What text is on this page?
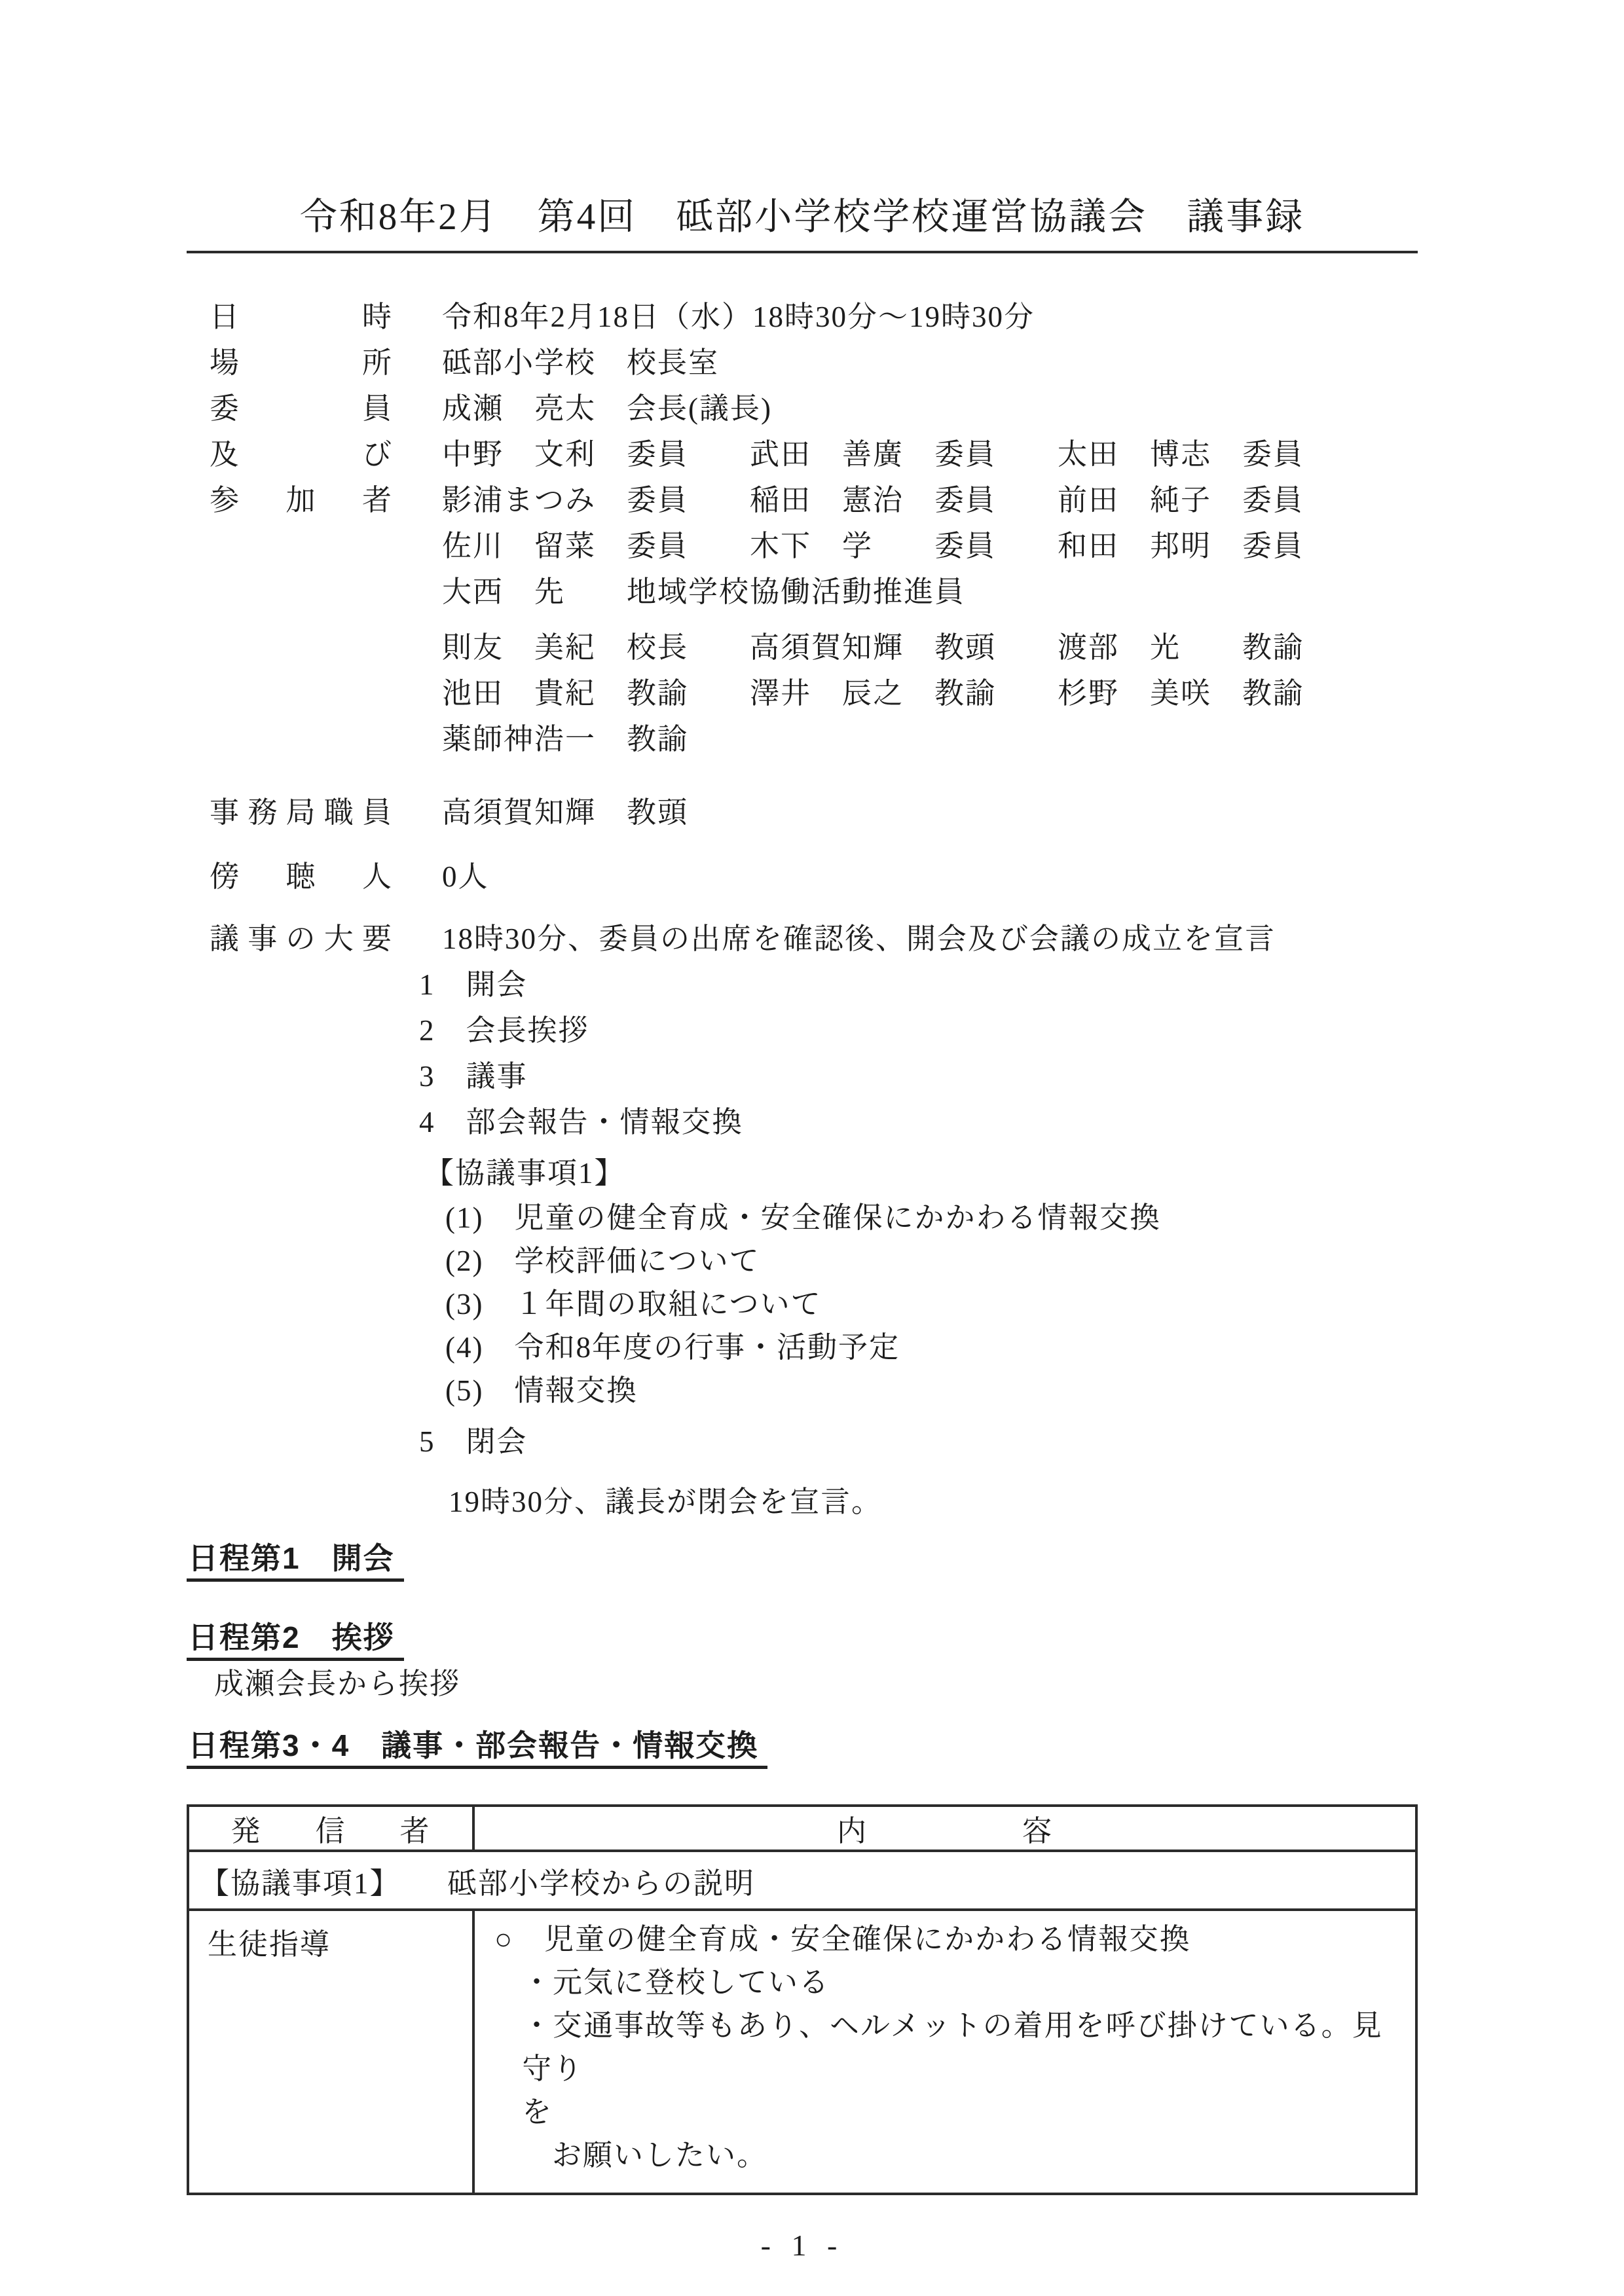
令和8年2月　第4回　砥部小学校学校運営協議会　議事録
日時 令和8年2月18日（水）18時30分～19時30分
場所 砥部小学校　校長室
委員 成瀬　亮太　会長(議長)
及び 中野　文利　委員　　武田　善廣　委員　　太田　博志　委員
参加者 影浦まつみ　委員　　稲田　憲治　委員　　前田　純子　委員
佐川　留菜　委員　　木下　学　　委員　　和田　邦明　委員
大西　先　　地域学校協働活動推進員
則友　美紀　校長　　高須賀知輝　教頭　　渡部　光　　教諭
池田　貴紀　教諭　　澤井　辰之　教諭　　杉野　美咲　教諭
薬師神浩一　教諭
事務局職員 高須賀知輝　教頭
傍聴人 0人
議事の大要 18時30分、委員の出席を確認後、開会及び会議の成立を宣言
1　開会
2　会長挨拶
3　議事
4　部会報告・情報交換
【協議事項1】
(1)　児童の健全育成・安全確保にかかわる情報交換
(2)　学校評価について
(3)　１年間の取組について
(4)　令和8年度の行事・活動予定
(5)　情報交換
5　閉会
19時30分、議長が閉会を宣言。
日程第1　開会
日程第2　挨拶
成瀬会長から挨拶
日程第3・4　議事・部会報告・情報交換
発信者	内容
【協議事項1】　　砥部小学校からの説明	
生徒指導	○　児童の健全育成・安全確保にかかわる情報交換
・元気に登校している
・交通事故等もあり、ヘルメットの着用を呼び掛けている。見守り
を
お願いしたい。
- 1 -
